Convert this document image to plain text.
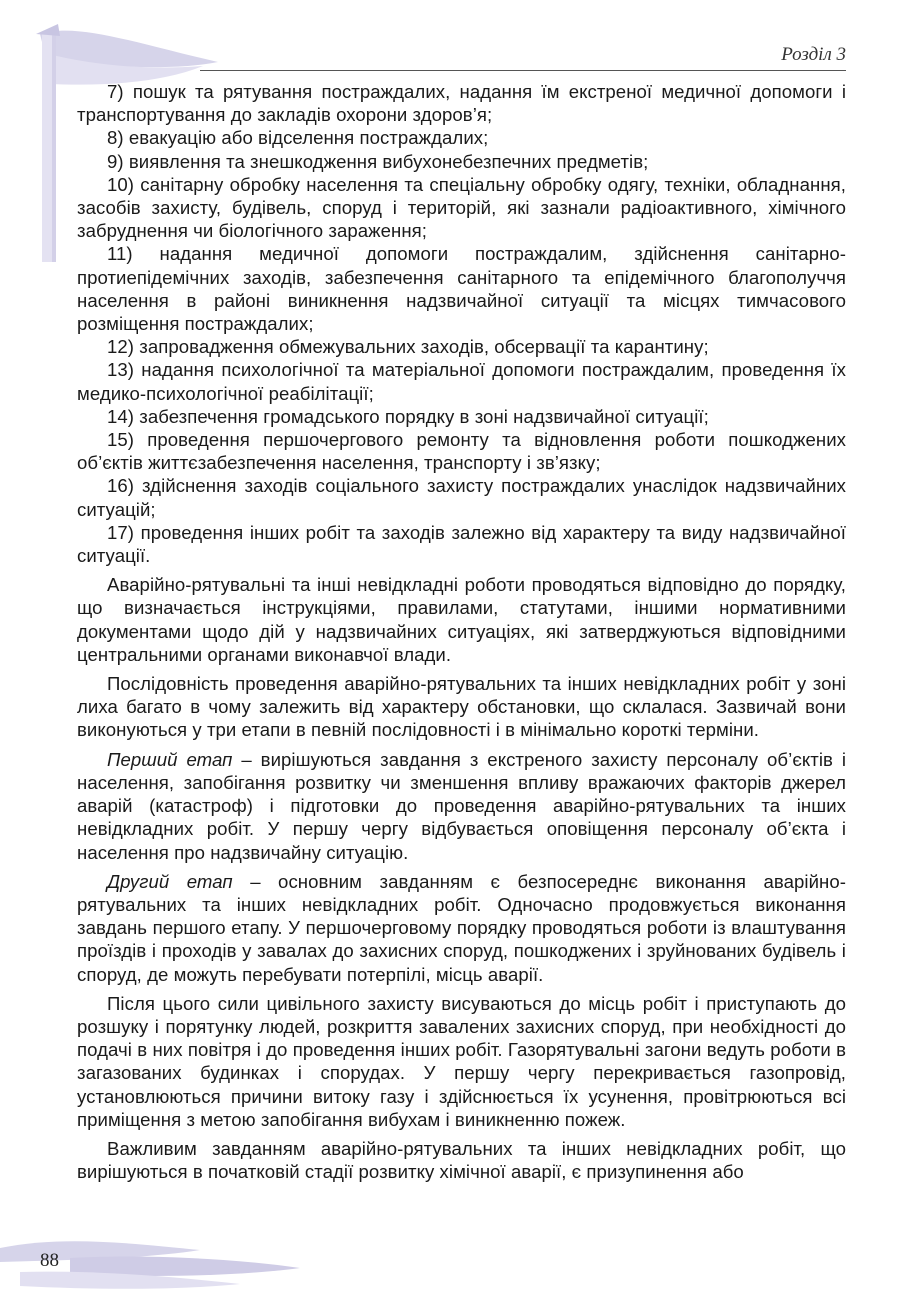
Розділ 3

7) пошук та рятування постраждалих, надання їм екстреної медичної допомоги і транспортування до закладів охорони здоров’я;

8) евакуацію або відселення постраждалих;

9) виявлення та знешкодження вибухонебезпечних предметів;

10) санітарну обробку населення та спеціальну обробку одягу, техніки, обладнання, засобів захисту, будівель, споруд і територій, які зазнали радіоактивного, хімічного забруднення чи біологічного зараження;

11) надання медичної допомоги постраждалим, здійснення санітарно-протиепідемічних заходів, забезпечення санітарного та епідемічного благополуччя населення в районі виникнення надзвичайної ситуації та місцях тимчасового розміщення постраждалих;

12) запровадження обмежувальних заходів, обсервації та карантину;

13) надання психологічної та матеріальної допомоги постраждалим, проведення їх медико-психологічної реабілітації;

14) забезпечення громадського порядку в зоні надзвичайної ситуації;

15) проведення першочергового ремонту та відновлення роботи пошкоджених об’єктів життєзабезпечення населення, транспорту і зв’язку;

16) здійснення заходів соціального захисту постраждалих унаслідок надзвичайних ситуацій;

17) проведення інших робіт та заходів залежно від характеру та виду надзвичайної ситуації.

Аварійно-рятувальні та інші невідкладні роботи проводяться відповідно до порядку, що визначається інструкціями, правилами, статутами, іншими нормативними документами щодо дій у надзвичайних ситуаціях, які затверджуються відповідними центральними органами виконавчої влади.

Послідовність проведення аварійно-рятувальних та інших невідкладних робіт у зоні лиха багато в чому залежить від характеру обстановки, що склалася. Зазвичай вони виконуються у три етапи в певній послідовності і в мінімально короткі терміни.

Перший етап – вирішуються завдання з екстреного захисту персоналу об’єктів і населення, запобігання розвитку чи зменшення впливу вражаючих факторів джерел аварій (катастроф) і підготовки до проведення аварійно-рятувальних та інших невідкладних робіт. У першу чергу відбувається оповіщення персоналу об’єкта і населення про надзвичайну ситуацію.

Другий етап – основним завданням є безпосереднє виконання аварійно-рятувальних та інших невідкладних робіт. Одночасно продовжується виконання завдань першого етапу. У першочерговому порядку проводяться роботи із влаштування проїздів і проходів у завалах до захисних споруд, пошкоджених і зруйнованих будівель і споруд, де можуть перебувати потерпілі, місць аварії.

Після цього сили цивільного захисту висуваються до місць робіт і приступають до розшуку і порятунку людей, розкриття завалених захисних споруд, при необхідності до подачі в них повітря і до проведення інших робіт. Газорятувальні загони ведуть роботи в загазованих будинках і спорудах. У першу чергу перекривається газопровід, установлюються причини витоку газу і здійснюється їх усунення, провітрюються всі приміщення з метою запобігання вибухам і виникненню пожеж.

Важливим завданням аварійно-рятувальних та інших невідкладних робіт, що вирішуються в початковій стадії розвитку хімічної аварії, є призупинення або

88
